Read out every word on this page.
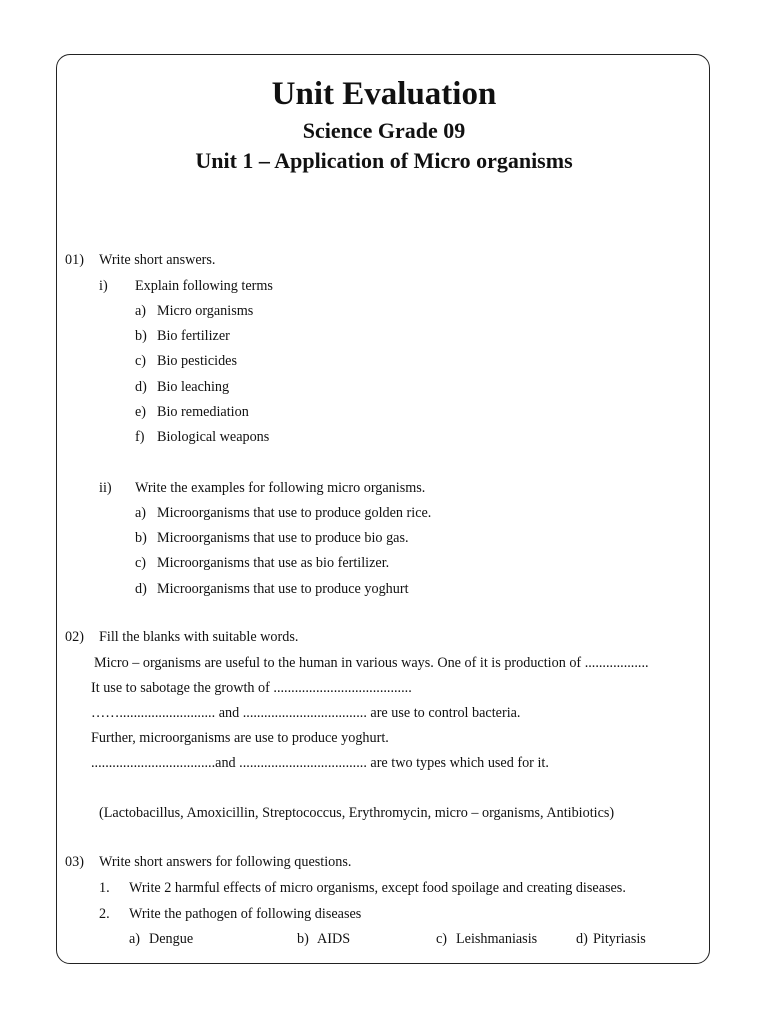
Unit Evaluation
Science Grade 09
Unit 1 – Application of Micro organisms
01) Write short answers.
i) Explain following terms
a) Micro organisms
b) Bio fertilizer
c) Bio pesticides
d) Bio leaching
e) Bio remediation
f) Biological weapons
ii) Write the examples for following micro organisms.
a) Microorganisms that use to produce golden rice.
b) Microorganisms that use to produce bio gas.
c) Microorganisms that use as bio fertilizer.
d) Microorganisms that use to produce yoghurt
02) Fill the blanks with suitable words.
Micro – organisms are useful to the human in various ways. One of it is production of ..................
It use to sabotage the growth of .......................................
……........................... and ................................... are use to control bacteria.
Further, microorganisms are use to produce yoghurt.
...................................and .................................... are two types which used for it.
(Lactobacillus, Amoxicillin, Streptococcus, Erythromycin, micro – organisms, Antibiotics)
03) Write short answers for following questions.
1. Write 2 harmful effects of micro organisms, except food spoilage and creating diseases.
2. Write the pathogen of following diseases
a) Dengue	b) AIDS	c) Leishmaniasis	d) Pityriasis
